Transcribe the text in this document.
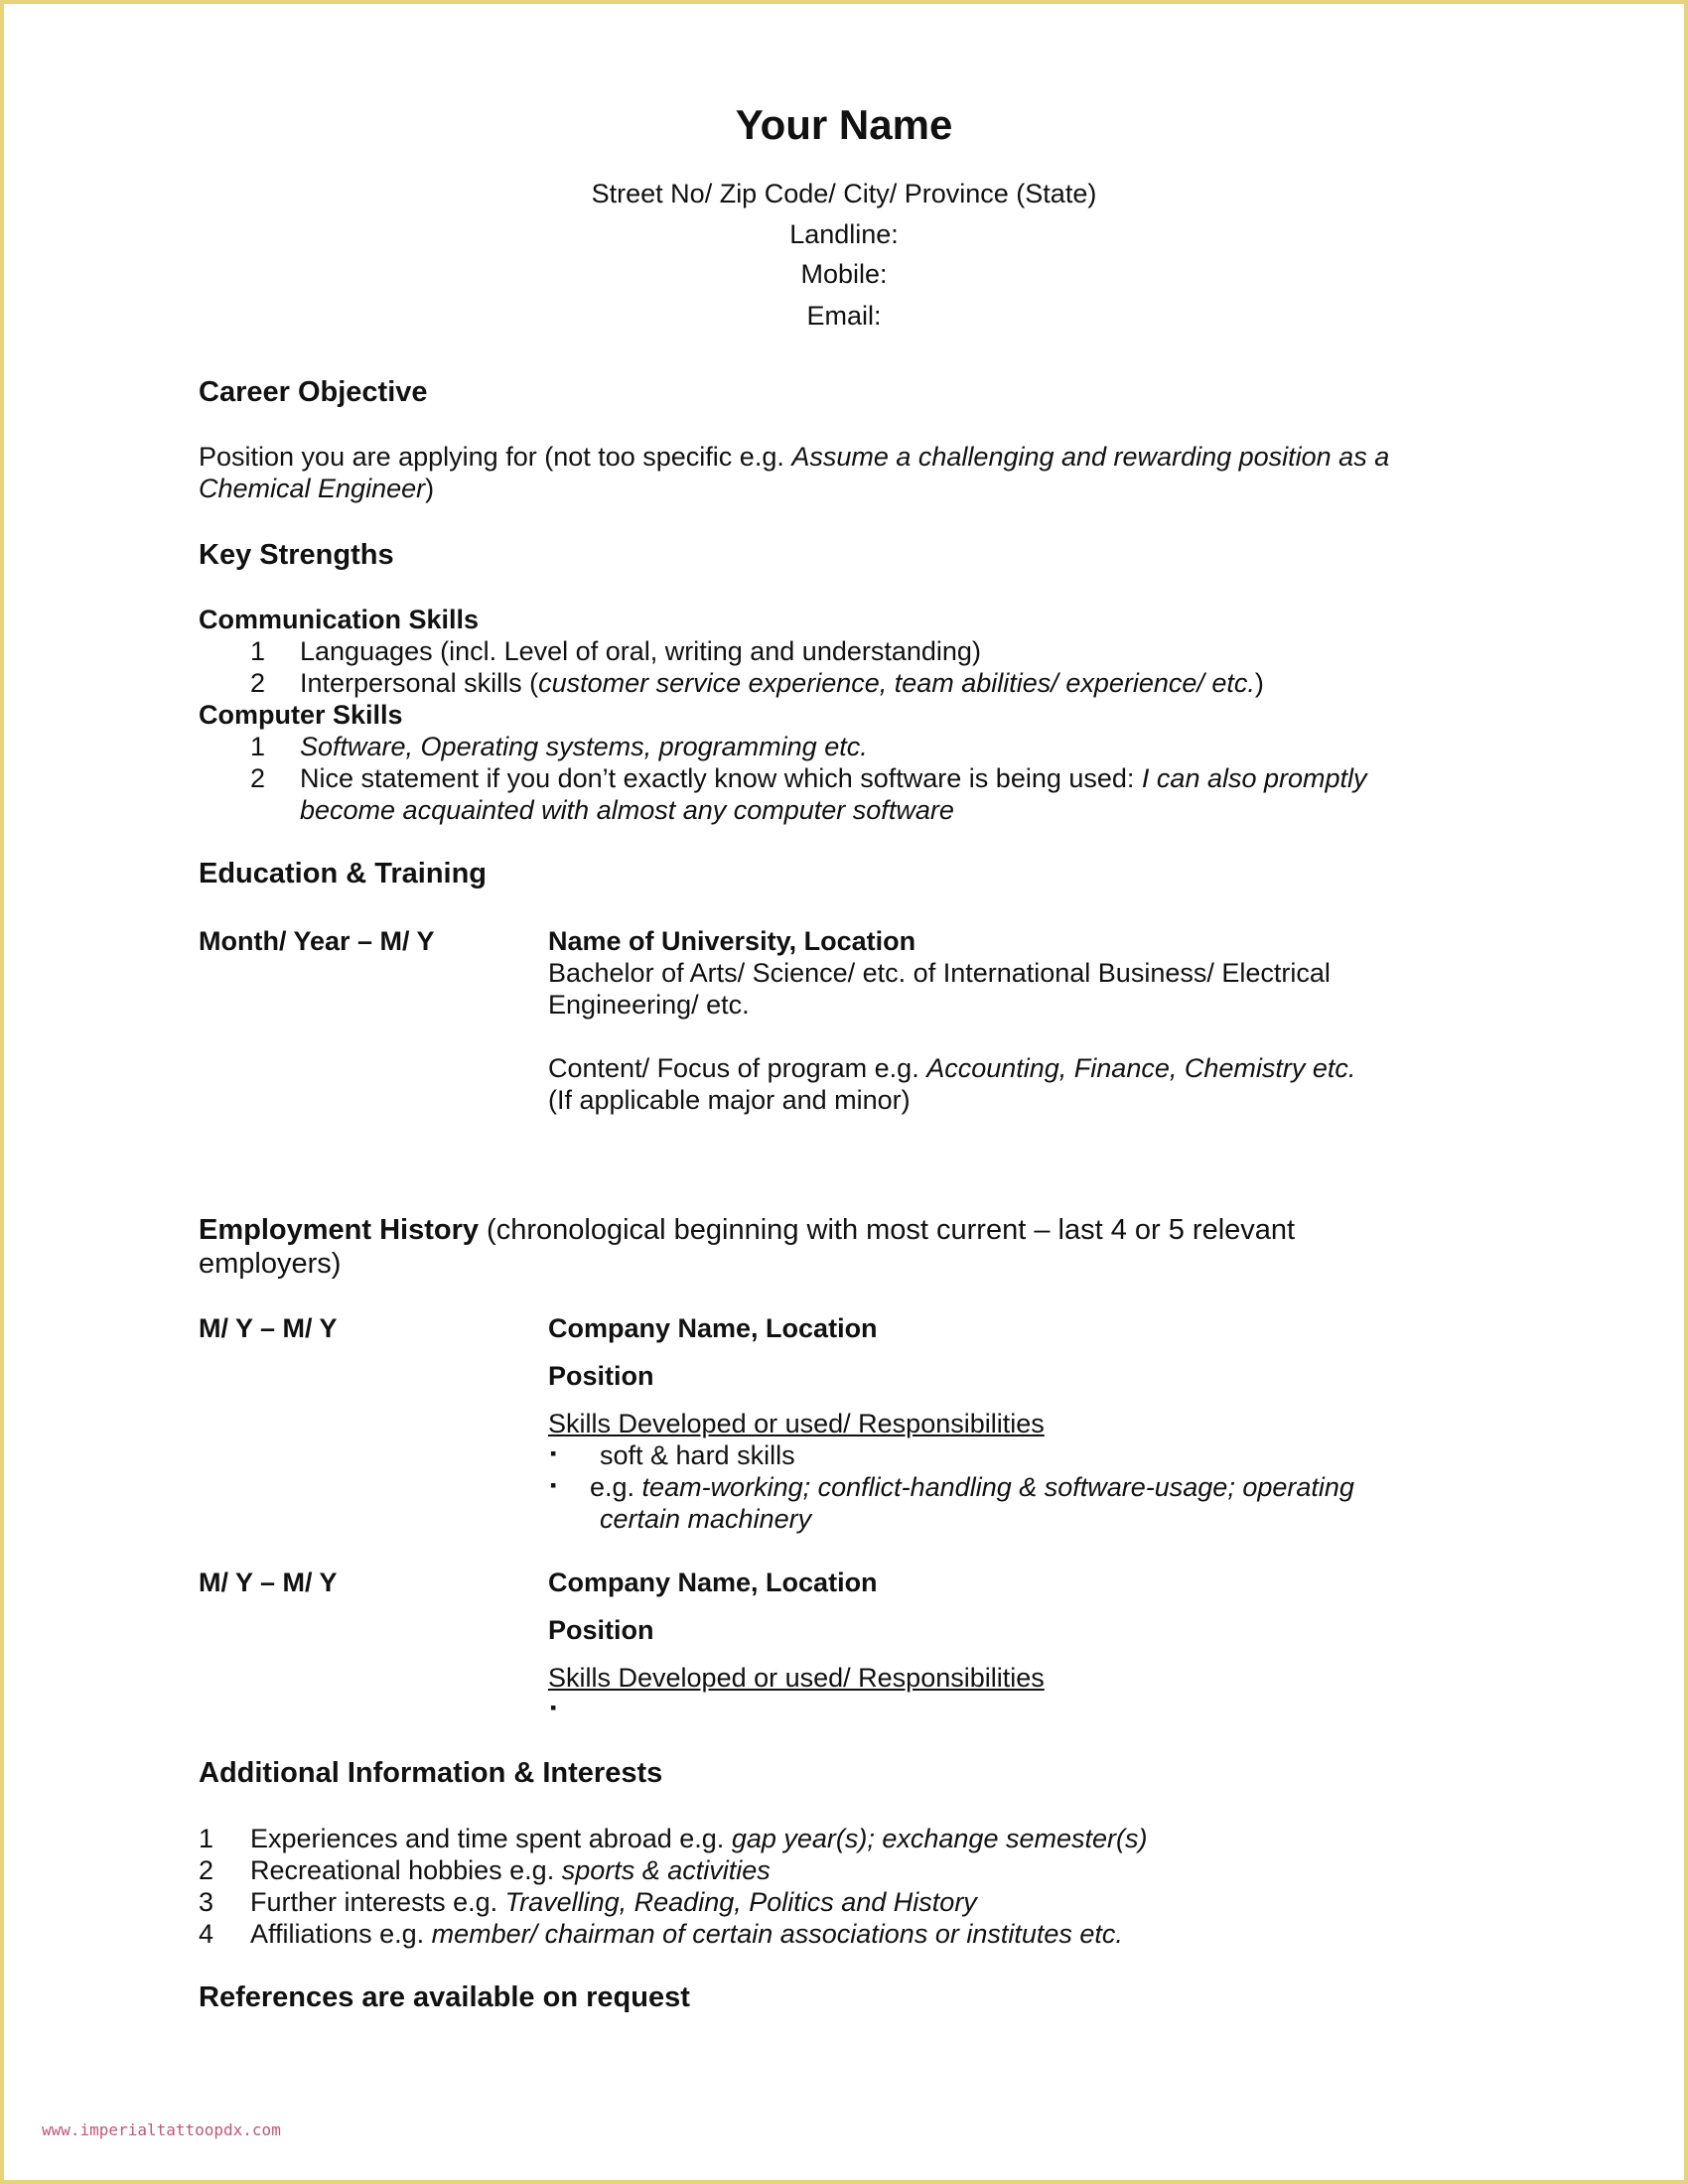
Your Name
Street No/ Zip Code/ City/ Province (State)
Landline:
Mobile:
Email:
Career Objective
Position you are applying for (not too specific e.g. Assume a challenging and rewarding position as a
Chemical Engineer)
Key Strengths
Communication Skills
1 Languages (incl. Level of oral, writing and understanding)
2 Interpersonal skills (customer service experience, team abilities/ experience/ etc.)
Computer Skills
1 Software, Operating systems, programming etc.
2 Nice statement if you don’t exactly know which software is being used: I can also promptly
become acquainted with almost any computer software
Education & Training
Month/ Year – M/ Y	Name of University, Location
Bachelor of Arts/ Science/ etc. of International Business/ Electrical
Engineering/ etc.
Content/ Focus of program e.g. Accounting, Finance, Chemistry etc.
(If applicable major and minor)
Employment History (chronological beginning with most current – last 4 or 5 relevant
employers)
M/ Y – M/ Y	Company Name, Location
Position
Skills Developed or used/ Responsibilities
▪ soft & hard skills
▪ e.g. team-working; conflict-handling & software-usage; operating
certain machinery
M/ Y – M/ Y	Company Name, Location
Position
Skills Developed or used/ Responsibilities
▪
Additional Information & Interests
1 Experiences and time spent abroad e.g. gap year(s); exchange semester(s)
2 Recreational hobbies e.g. sports & activities
3 Further interests e.g. Travelling, Reading, Politics and History
4 Affiliations e.g. member/ chairman of certain associations or institutes etc.
References are available on request
www.imperialtattoopdx.com
